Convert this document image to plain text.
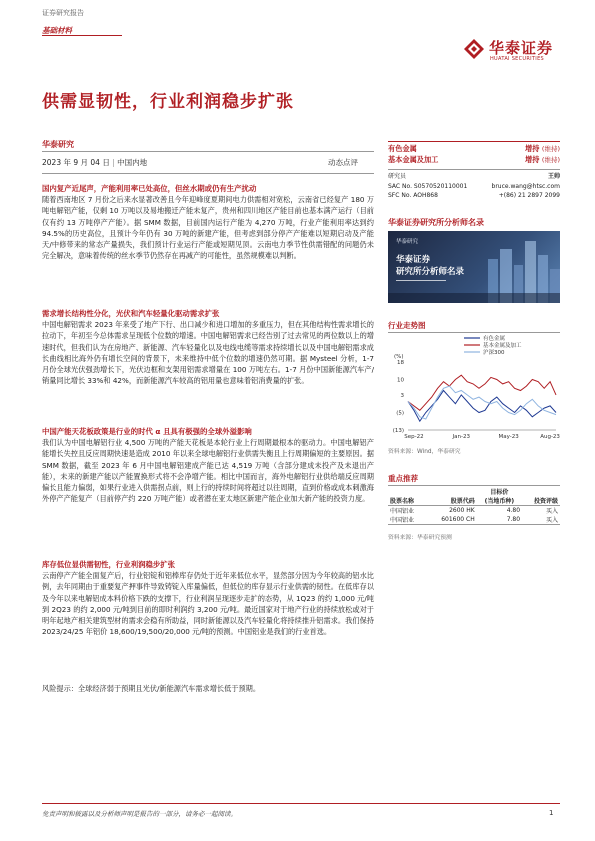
证券研究报告
基础材料
华泰证券
HUATAI SECURITIES
供需显韧性，行业利润稳步扩张
华泰研究
2023 年 9 月 04 日 | 中国内地	动态点评
国内复产近尾声，产能利用率已处高位，但丝水期或仍有生产扰动
随着西南地区 7 月份之后来水显著改善且今年迎峰度夏期间电力供需相对宽松，云南省已经复产 180 万吨电解铝产能，仅剩 10 万吨以及易地搬迁产能未复产，贵州和四川地区产能目前也基本满产运行（目前仅有约 13 万吨停产产能）。据 SMM 数据，目前国内运行产能为 4,270 万吨，行业产能利用率达到约 94.5%的历史高位，且预计今年仍有 30 万吨的新建产能，但考虑到部分停产产能难以短期启动及产能天/中修带来的常态产量损失，我们预计行业运行产能或短期见顶。云南电力季节性供需错配的问题仍未完全解决，意味着传统的丝水季节仍然存在再减产的可能性，虽然规模难以判断。
需求增长结构性分化，光伏和汽车轻量化驱动需求扩张
中国电解铝需求 2023 年来受了地产下行、出口减少和进口增加的多重压力，但在其他结构性需求增长的拉动下，年初至今总体需求呈现低个位数的增速。中国电解铝需求已经告别了过去常见的两位数以上的增速时代，但我们认为在房地产、新能源、汽车轻量化以及电线电缆等需求持续增长以及中国电解铝需求成长曲线相比海外仍有增长空间的背景下，未来维持中低个位数的增速仍然可期。据 Mysteel 分析，1-7 月份全球光伏强劲增长下，光伏边框和支架用铝需求增量在 100 万吨左右。1-7 月份中国新能源汽车产/销量同比增长 33%和 42%，而新能源汽车较高的铝用量也意味着铝消费量的扩张。
中国产能天花板政策是行业的时代 α 且具有极强的全球外溢影响
我们认为中国电解铝行业 4,500 万吨的产能天花板是本轮行业上行周期最根本的驱动力。中国电解铝产能增长失控且反应周期快速是造成 2010 年以来全球电解铝行业供需失衡且上行周期偏短的主要原因。据 SMM 数据，截至 2023 年 6 月中国电解铝建成产能已达 4,519 万吨（含部分建成未投产及未退出产能），未来的新建产能以产能置换形式将不会净增产能。相比中国而言，海外电解铝行业供给端反应周期偏长且能力偏弱，如果行业进入供需拐点前，则上行的持续时间将超过以往周期，直到价格或成本刺激海外停产产能复产（目前停产约 220 万吨产能）或者潜在亚太地区新建产能企业加大新产能的投资力度。
库存低位显供需韧性，行业利润稳步扩张
云南停产产能全面复产后，行业铝锭和铝棒库存仍处于近年来低位水平，显然部分因为今年较高的铝水比例，去年同期由于重要复产押事件导致铸锭入库量偏低，但低位的库存显示行业供需的韧性。在低库存以及今年以来电解铝成本料价格下跌的支撑下，行业利润呈现逐步走扩的态势，从 1Q23 的约 1,000 元/吨到 2Q23 的约 2,000 元/吨到目前的即时利润约 3,200 元/吨。最近国家对于地产行业的持续放松或对于明年起地产相关建筑型材的需求会稳有所助益，同时新能源以及汽车轻量化将持续推升铝需求。我们保持 2023/24/25 年铝价 18,600/19,500/20,000 元/吨的预测。中国铝业是我们的行业首选。
风险提示：全球经济弱于预期且光伏/新能源汽车需求增长低于预期。
有色金属	增持 (维持)
基本金属及加工	增持 (维持)
研究员	王帅
SAC No. S0570520110001	bruce.wang@htsc.com
SFC No. AOH868	+(86) 21 2897 2099
华泰证券研究所分析师名录
华泰研究
华泰证券
研究所分析师名录
行业走势图
(%)
18
10
3
(5)
(13)
Sep-22	Jan-23	May-23	Aug-23
有色金属
基本金属及加工
沪深300
资料来源：Wind，华泰研究
重点推荐
		目标价	
股票名称	股票代码	(当地币种)	投资评级
中国铝业	2600 HK	4.80	买入
中国铝业	601600 CH	7.80	买入
资料来源：华泰研究预测
免责声明和披露以及分析师声明是报告的一部分，请务必一起阅读。	1
